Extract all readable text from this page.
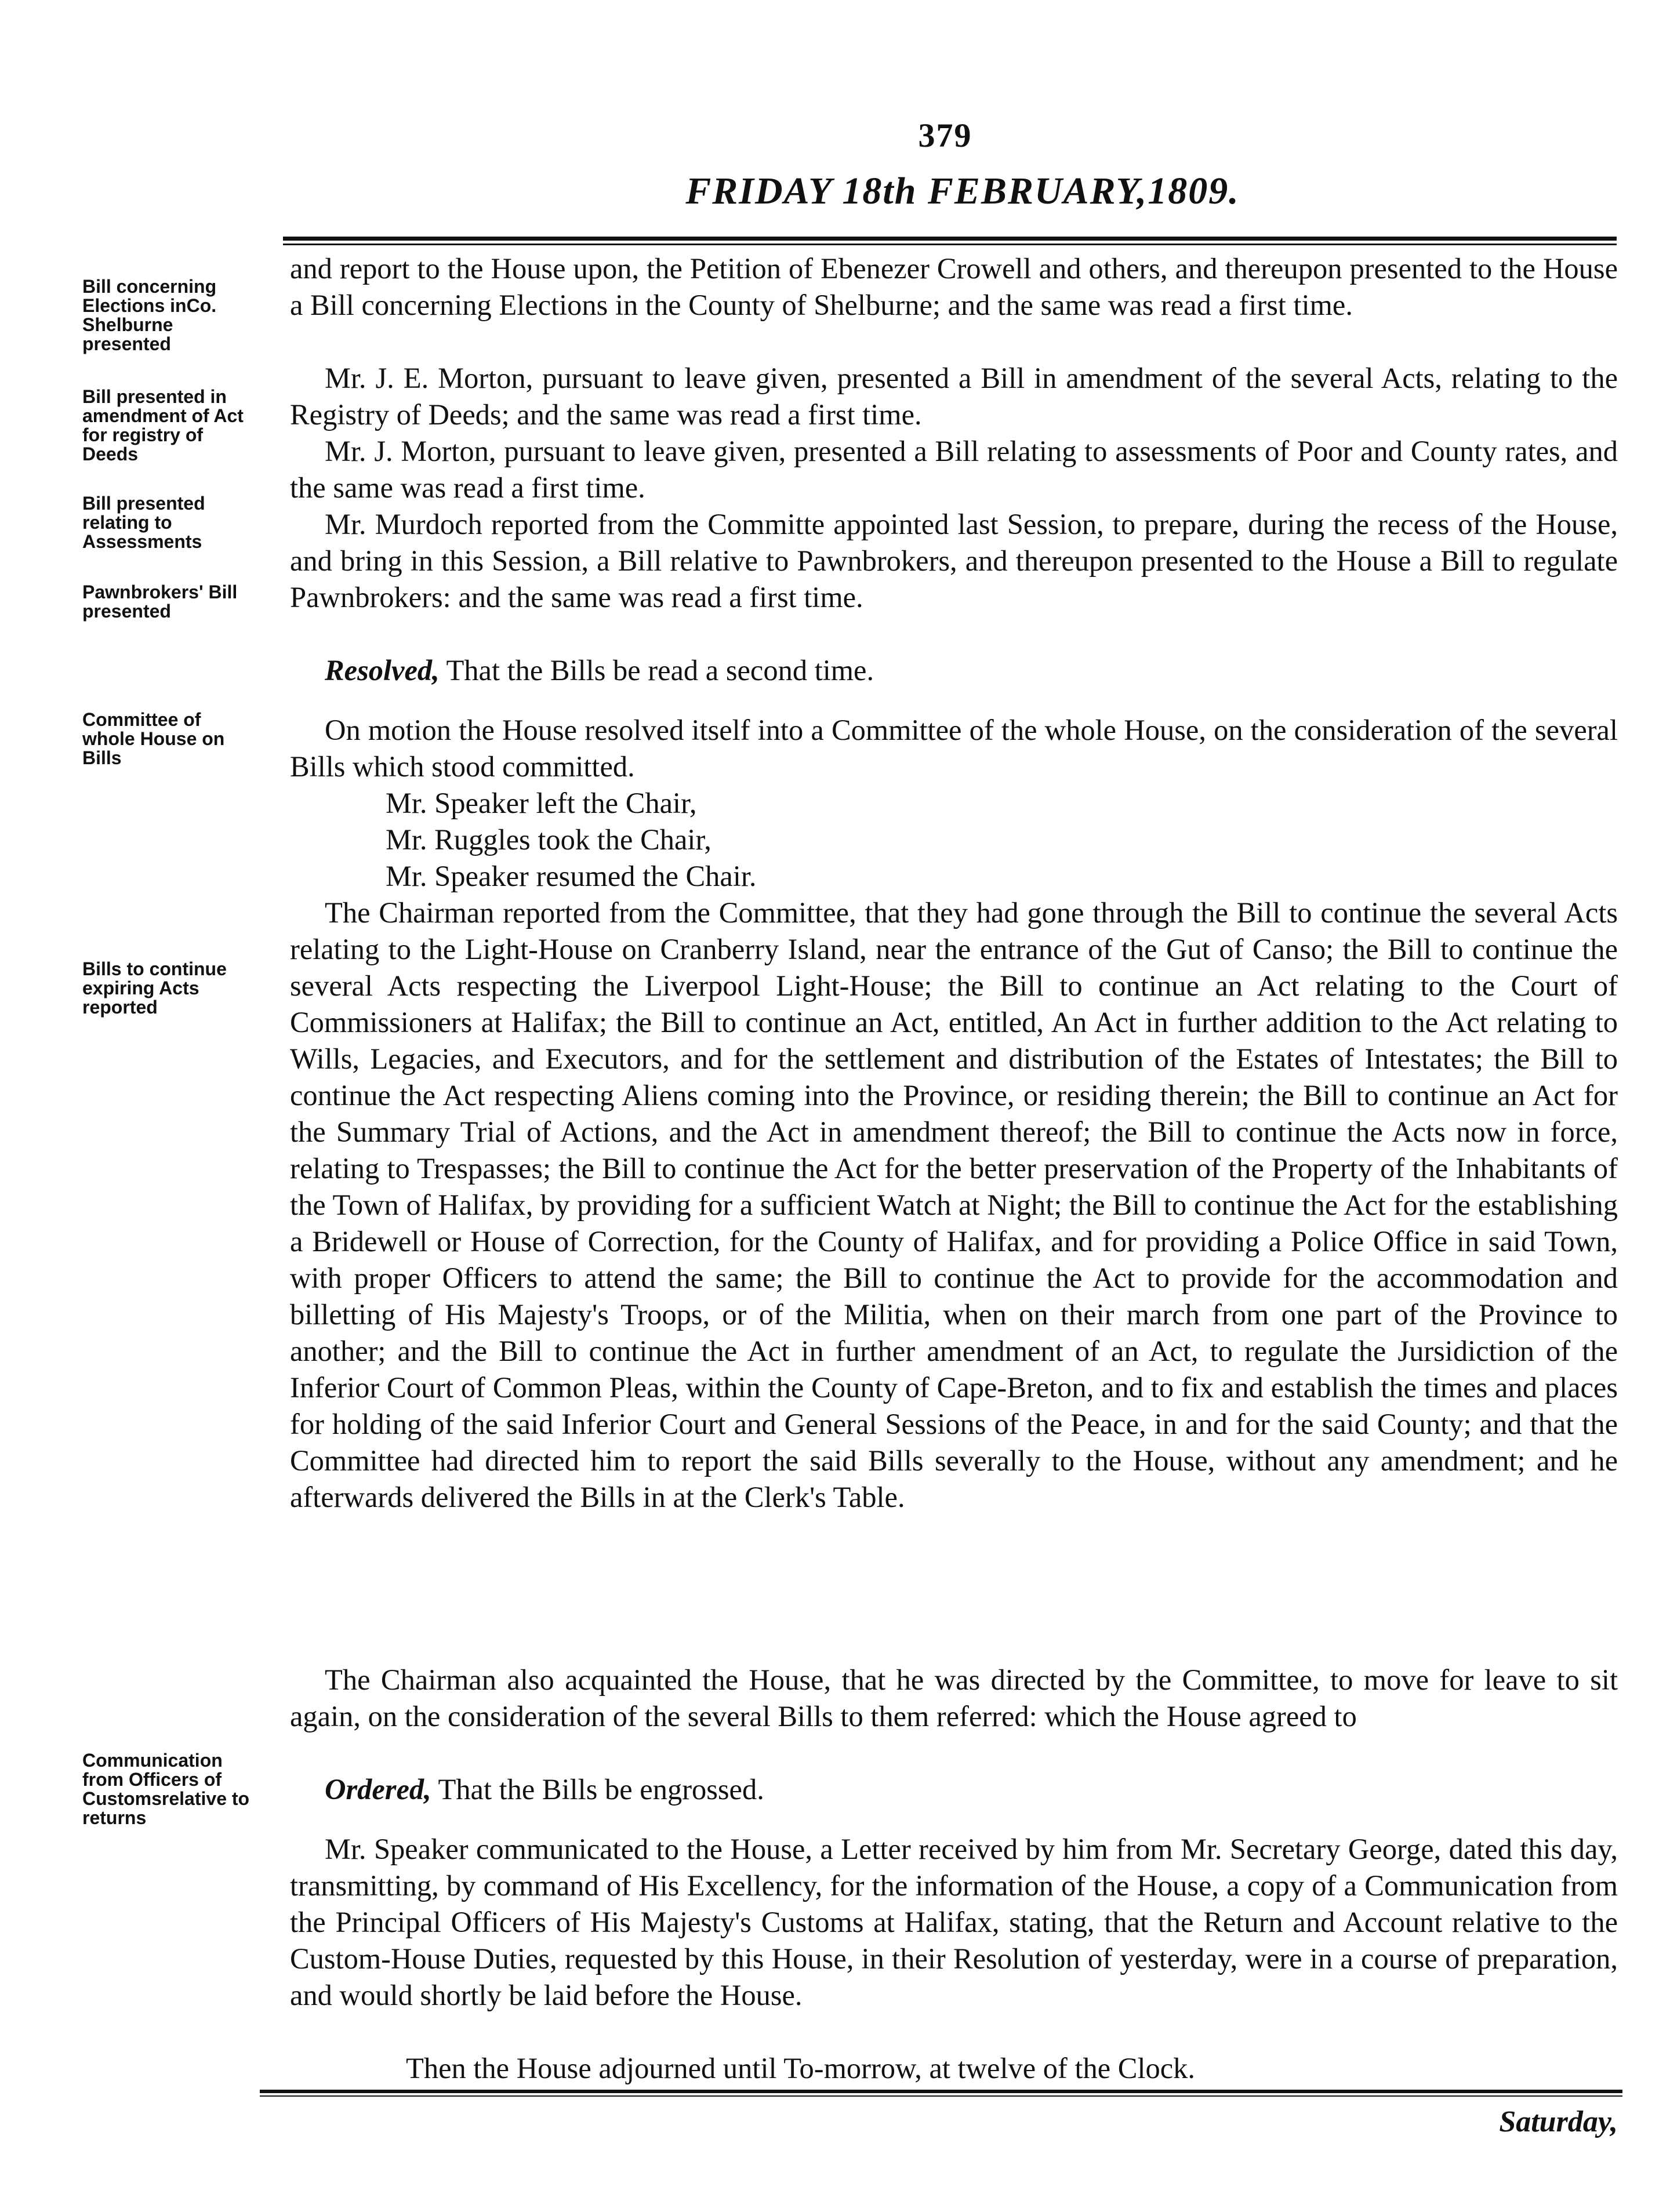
379
FRIDAY 18th FEBRUARY,1809.
Bill concerning Elections inCo. Shelburne presented
Bill presented in amendment of Act for registry of Deeds
Bill presented relating to Assessments
Pawnbrokers' Bill presented
Committee of whole House on Bills
Bills to continue expiring Acts reported
Communication from Officers of Customsrelative to returns

and report to the House upon, the Petition of Ebenezer Crowell and others, and thereupon presented to the House a Bill concerning Elections in the County of Shelburne; and the same was read a first time.

Mr. J. E. Morton, pursuant to leave given, presented a Bill in amendment of the several Acts, relating to the Registry of Deeds; and the same was read a first time.

Mr. J. Morton, pursuant to leave given, presented a Bill relating to assessments of Poor and County rates, and the same was read a first time.

Mr. Murdoch reported from the Committe appointed last Session, to prepare, during the recess of the House, and bring in this Session, a Bill relative to Pawnbrokers, and thereupon presented to the House a Bill to regulate Pawnbrokers: and the same was read a first time.

Resolved, That the Bills be read a second time.

On motion the House resolved itself into a Committee of the whole House, on the consideration of the several Bills which stood committed.

Mr. Speaker left the Chair,
Mr. Ruggles took the Chair,
Mr. Speaker resumed the Chair.

The Chairman reported from the Committee, that they had gone through the Bill to continue the several Acts relating to the Light-House on Cranberry Island, near the entrance of the Gut of Canso; the Bill to continue the several Acts respecting the Liverpool Light-House; the Bill to continue an Act relating to the Court of Commissioners at Halifax; the Bill to continue an Act, entitled, An Act in further addition to the Act relating to Wills, Legacies, and Executors, and for the settlement and distribution of the Estates of Intestates; the Bill to continue the Act respecting Aliens coming into the Province, or residing therein; the Bill to continue an Act for the Summary Trial of Actions, and the Act in amendment thereof; the Bill to continue the Acts now in force, relating to Trespasses; the Bill to continue the Act for the better preservation of the Property of the Inhabitants of the Town of Halifax, by providing for a sufficient Watch at Night; the Bill to continue the Act for the establishing a Bridewell or House of Correction, for the County of Halifax, and for providing a Police Office in said Town, with proper Officers to attend the same; the Bill to continue the Act to provide for the accommodation and billetting of His Majesty's Troops, or of the Militia, when on their march from one part of the Province to another; and the Bill to continue the Act in further amendment of an Act, to regulate the Jursidiction of the Inferior Court of Common Pleas, within the County of Cape-Breton, and to fix and establish the times and places for holding of the said Inferior Court and General Sessions of the Peace, in and for the said County; and that the Committee had directed him to report the said Bills severally to the House, without any amendment; and he afterwards delivered the Bills in at the Clerk's Table.

The Chairman also acquainted the House, that he was directed by the Committee, to move for leave to sit again, on the consideration of the several Bills to them referred: which the House agreed to

Ordered, That the Bills be engrossed.

Mr. Speaker communicated to the House, a Letter received by him from Mr. Secretary George, dated this day, transmitting, by command of His Excellency, for the information of the House, a copy of a Communication from the Principal Officers of His Majesty's Customs at Halifax, stating, that the Return and Account relative to the Custom-House Duties, requested by this House, in their Resolution of yesterday, were in a course of preparation, and would shortly be laid before the House.

Then the House adjourned until To-morrow, at twelve of the Clock.
Saturday,
